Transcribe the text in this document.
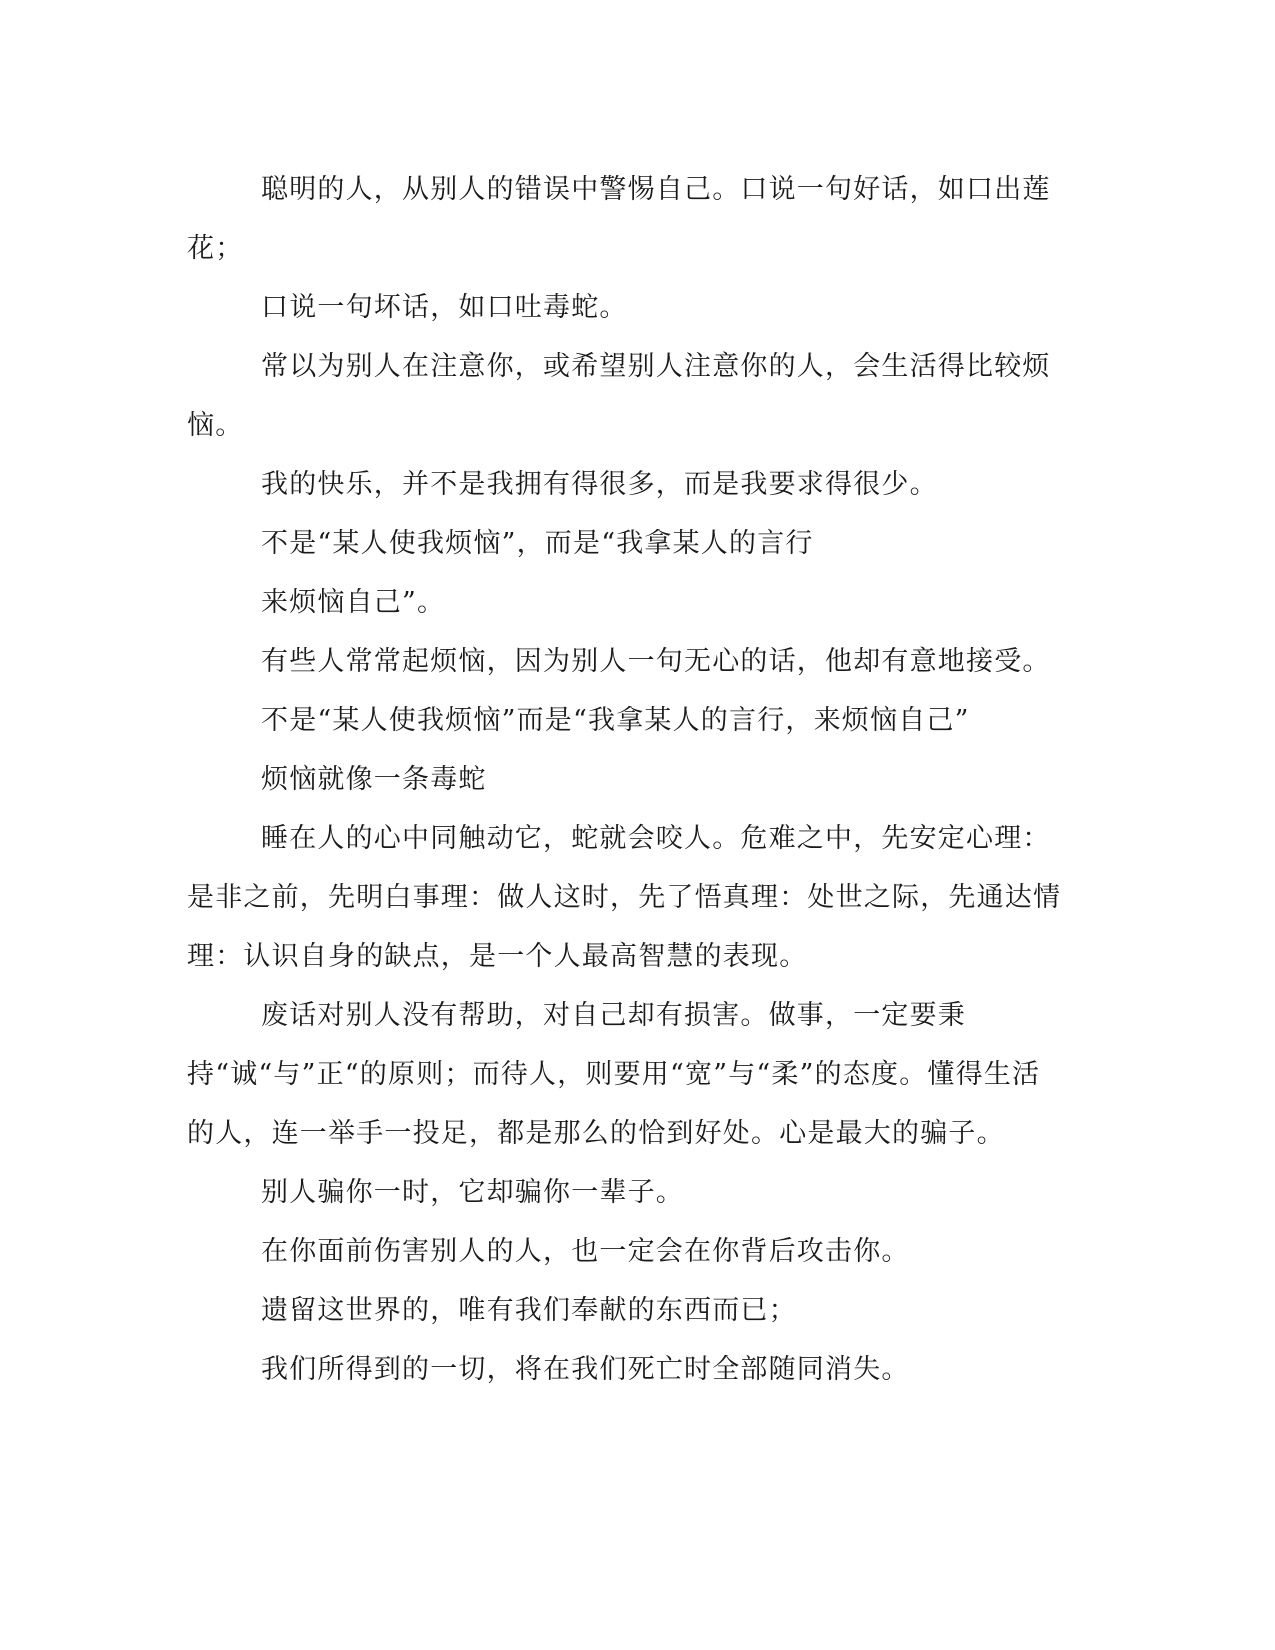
聪明的人，从别人的错误中警惕自己。口说一句好话，如口出莲花；

口说一句坏话，如口吐毒蛇。

常以为别人在注意你，或希望别人注意你的人，会生活得比较烦恼。

我的快乐，并不是我拥有得很多，而是我要求得很少。

不是“某人使我烦恼”，而是“我拿某人的言行

来烦恼自己”。

有些人常常起烦恼，因为别人一句无心的话，他却有意地接受。

不是“某人使我烦恼”而是“我拿某人的言行，来烦恼自己”

烦恼就像一条毒蛇

睡在人的心中同触动它，蛇就会咬人。危难之中，先安定心理：是非之前，先明白事理：做人这时，先了悟真理：处世之际，先通达情理：认识自身的缺点，是一个人最高智慧的表现。

废话对别人没有帮助，对自己却有损害。做事，一定要秉持“诚“与”正“的原则；而待人，则要用“宽”与“柔”的态度。懂得生活的人，连一举手一投足，都是那么的恰到好处。心是最大的骗子。

别人骗你一时，它却骗你一辈子。

在你面前伤害别人的人，也一定会在你背后攻击你。

遗留这世界的，唯有我们奉献的东西而已；

我们所得到的一切，将在我们死亡时全部随同消失。
